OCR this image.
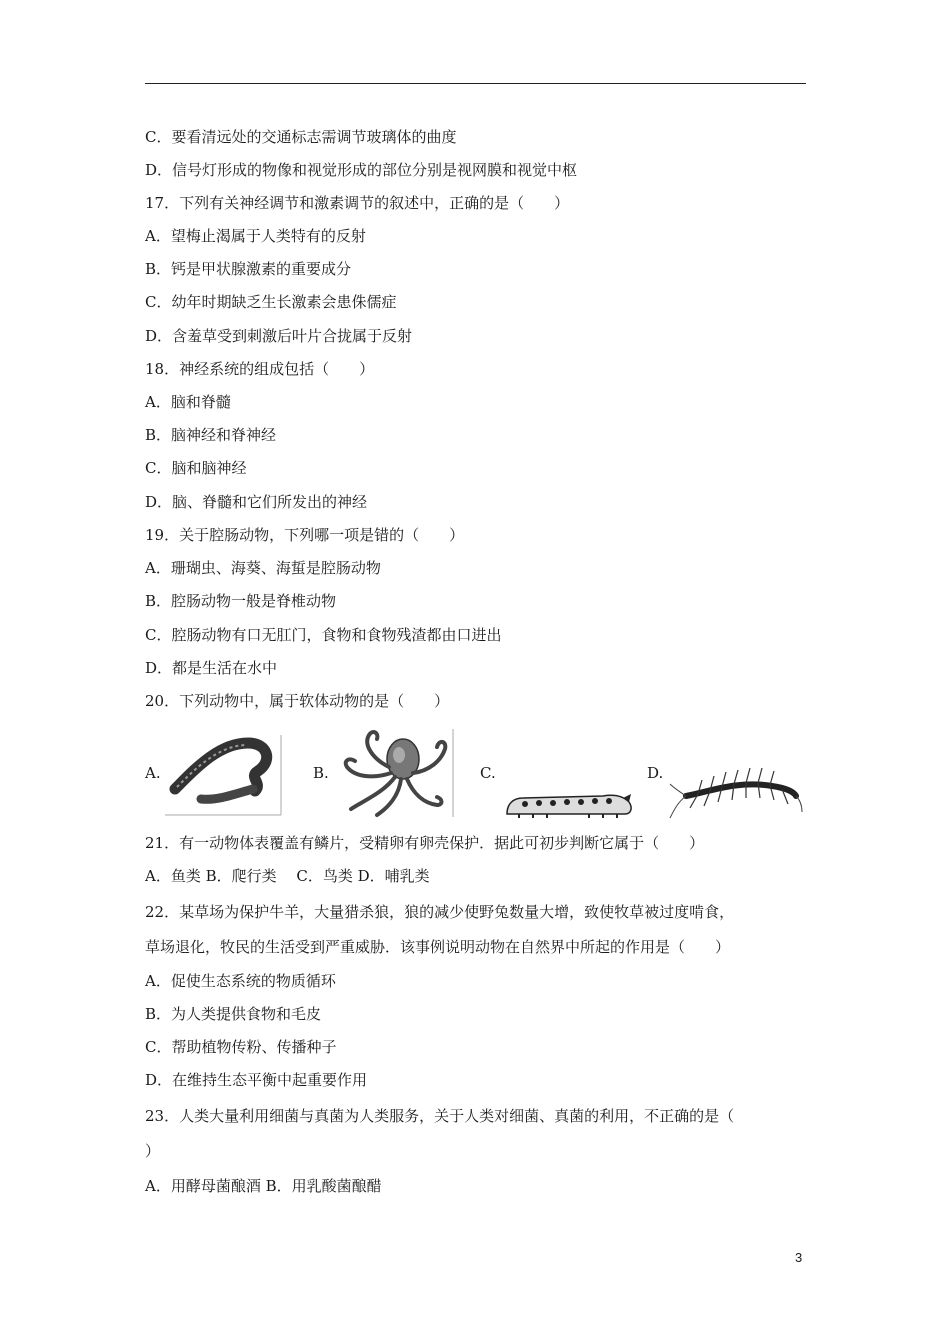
C．要看清远处的交通标志需调节玻璃体的曲度
D．信号灯形成的物像和视觉形成的部位分别是视网膜和视觉中枢
17．下列有关神经调节和激素调节的叙述中，正确的是（　　）
A．望梅止渴属于人类特有的反射
B．钙是甲状腺激素的重要成分
C．幼年时期缺乏生长激素会患侏儒症
D．含羞草受到刺激后叶片合拢属于反射
18．神经系统的组成包括（　　）
A．脑和脊髓
B．脑神经和脊神经
C．脑和脑神经
D．脑、脊髓和它们所发出的神经
19．关于腔肠动物，下列哪一项是错的（　　）
A．珊瑚虫、海葵、海蜇是腔肠动物
B．腔肠动物一般是脊椎动物
C．腔肠动物有口无肛门，食物和食物残渣都由口进出
D．都是生活在水中
20．下列动物中，属于软体动物的是（　　）
A.	B.	C.	D.
21．有一动物体表覆盖有鳞片，受精卵有卵壳保护．据此可初步判断它属于（　　）
A．鱼类 B．爬行类　 C．鸟类 D．哺乳类
22．某草场为保护牛羊，大量猎杀狼，狼的减少使野兔数量大增，致使牧草被过度啃食，
草场退化，牧民的生活受到严重威胁．该事例说明动物在自然界中所起的作用是（　　）
A．促使生态系统的物质循环
B．为人类提供食物和毛皮
C．帮助植物传粉、传播种子
D．在维持生态平衡中起重要作用
23．人类大量利用细菌与真菌为人类服务，关于人类对细菌、真菌的利用，不正确的是（
）
A．用酵母菌酿酒 B．用乳酸菌酿醋
3
